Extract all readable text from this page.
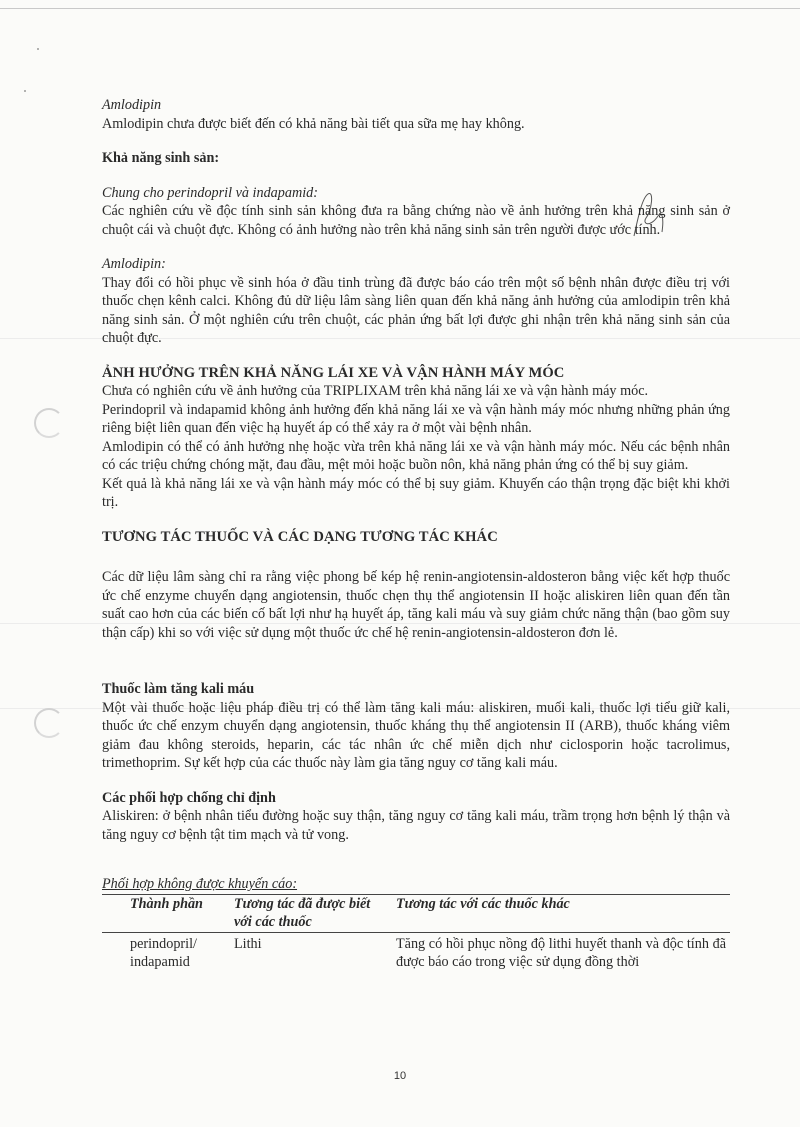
Amlodipin

Amlodipin chưa được biết đến có khả năng bài tiết qua sữa mẹ hay không.

Khả năng sinh sản:

Chung cho perindopril và indapamid:

Các nghiên cứu về độc tính sinh sản không đưa ra bằng chứng nào về ảnh hưởng trên khả năng sinh sản ở chuột cái và chuột đực. Không có ảnh hưởng nào trên khả năng sinh sản trên người được ước tính.

Amlodipin:

Thay đổi có hồi phục về sinh hóa ở đầu tinh trùng đã được báo cáo trên một số bệnh nhân được điều trị với thuốc chẹn kênh calci. Không đủ dữ liệu lâm sàng liên quan đến khả năng ảnh hưởng của amlodipin trên khả năng sinh sản. Ở một nghiên cứu trên chuột, các phản ứng bất lợi được ghi nhận trên khả năng sinh sản của chuột đực.

ẢNH HƯỞNG TRÊN KHẢ NĂNG LÁI XE VÀ VẬN HÀNH MÁY MÓC

Chưa có nghiên cứu về ảnh hưởng của TRIPLIXAM trên khả năng lái xe và vận hành máy móc.

Perindopril và indapamid không ảnh hưởng đến khả năng lái xe và vận hành máy móc nhưng những phản ứng riêng biệt liên quan đến việc hạ huyết áp có thể xảy ra ở một vài bệnh nhân.

Amlodipin có thể có ảnh hưởng nhẹ hoặc vừa trên khả năng lái xe và vận hành máy móc. Nếu các bệnh nhân có các triệu chứng chóng mặt, đau đầu, mệt mỏi hoặc buồn nôn, khả năng phản ứng có thể bị suy giảm.

Kết quả là khả năng lái xe và vận hành máy móc có thể bị suy giảm. Khuyến cáo thận trọng đặc biệt khi khởi trị.

TƯƠNG TÁC THUỐC VÀ CÁC DẠNG TƯƠNG TÁC KHÁC

Các dữ liệu lâm sàng chỉ ra rằng việc phong bế kép hệ renin-angiotensin-aldosteron bằng việc kết hợp thuốc ức chế enzyme chuyển dạng angiotensin, thuốc chẹn thụ thể angiotensin II hoặc aliskiren liên quan đến tần suất cao hơn của các biến cố bất lợi như hạ huyết áp, tăng kali máu và suy giảm chức năng thận (bao gồm suy thận cấp) khi so với việc sử dụng một thuốc ức chế hệ renin-angiotensin-aldosteron đơn lẻ.

Thuốc làm tăng kali máu

Một vài thuốc hoặc liệu pháp điều trị có thể làm tăng kali máu: aliskiren, muối kali, thuốc lợi tiểu giữ kali, thuốc ức chế enzym chuyển dạng angiotensin, thuốc kháng thụ thể angiotensin II (ARB), thuốc kháng viêm giảm đau không steroids, heparin, các tác nhân ức chế miễn dịch như ciclosporin hoặc tacrolimus, trimethoprim. Sự kết hợp của các thuốc này làm gia tăng nguy cơ tăng kali máu.

Các phối hợp chống chỉ định

Aliskiren: ở bệnh nhân tiểu đường hoặc suy thận, tăng nguy cơ tăng kali máu, trầm trọng hơn bệnh lý thận và tăng nguy cơ bệnh tật tim mạch và tử vong.

Phối hợp không được khuyến cáo:

Thành phần	Tương tác đã được biết với các thuốc	Tương tác với các thuốc khác
perindopril/ indapamid	Lithi	Tăng có hồi phục nồng độ lithi huyết thanh và độc tính đã được báo cáo trong việc sử dụng đồng thời
10
